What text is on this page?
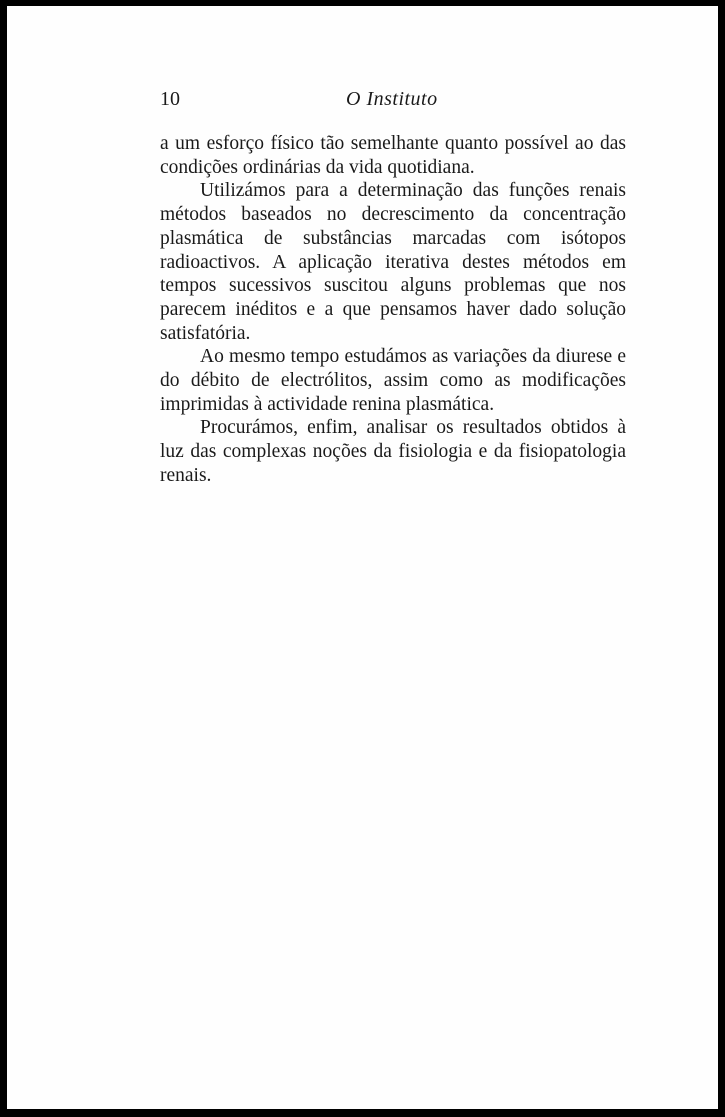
10	O Instituto

a um esforço físico tão semelhante quanto possível ao das condições ordinárias da vida quotidiana.

Utilizámos para a determinação das funções renais métodos baseados no decrescimento da concentração plasmática de substâncias marcadas com isótopos radioactivos. A aplicação iterativa destes métodos em tempos sucessivos suscitou alguns problemas que nos parecem inéditos e a que pensamos haver dado solução satisfatória.

Ao mesmo tempo estudámos as variações da diurese e do débito de electrólitos, assim como as modificações imprimidas à actividade renina plasmática.

Procurámos, enfim, analisar os resultados obtidos à luz das complexas noções da fisiologia e da fisiopatologia renais.
